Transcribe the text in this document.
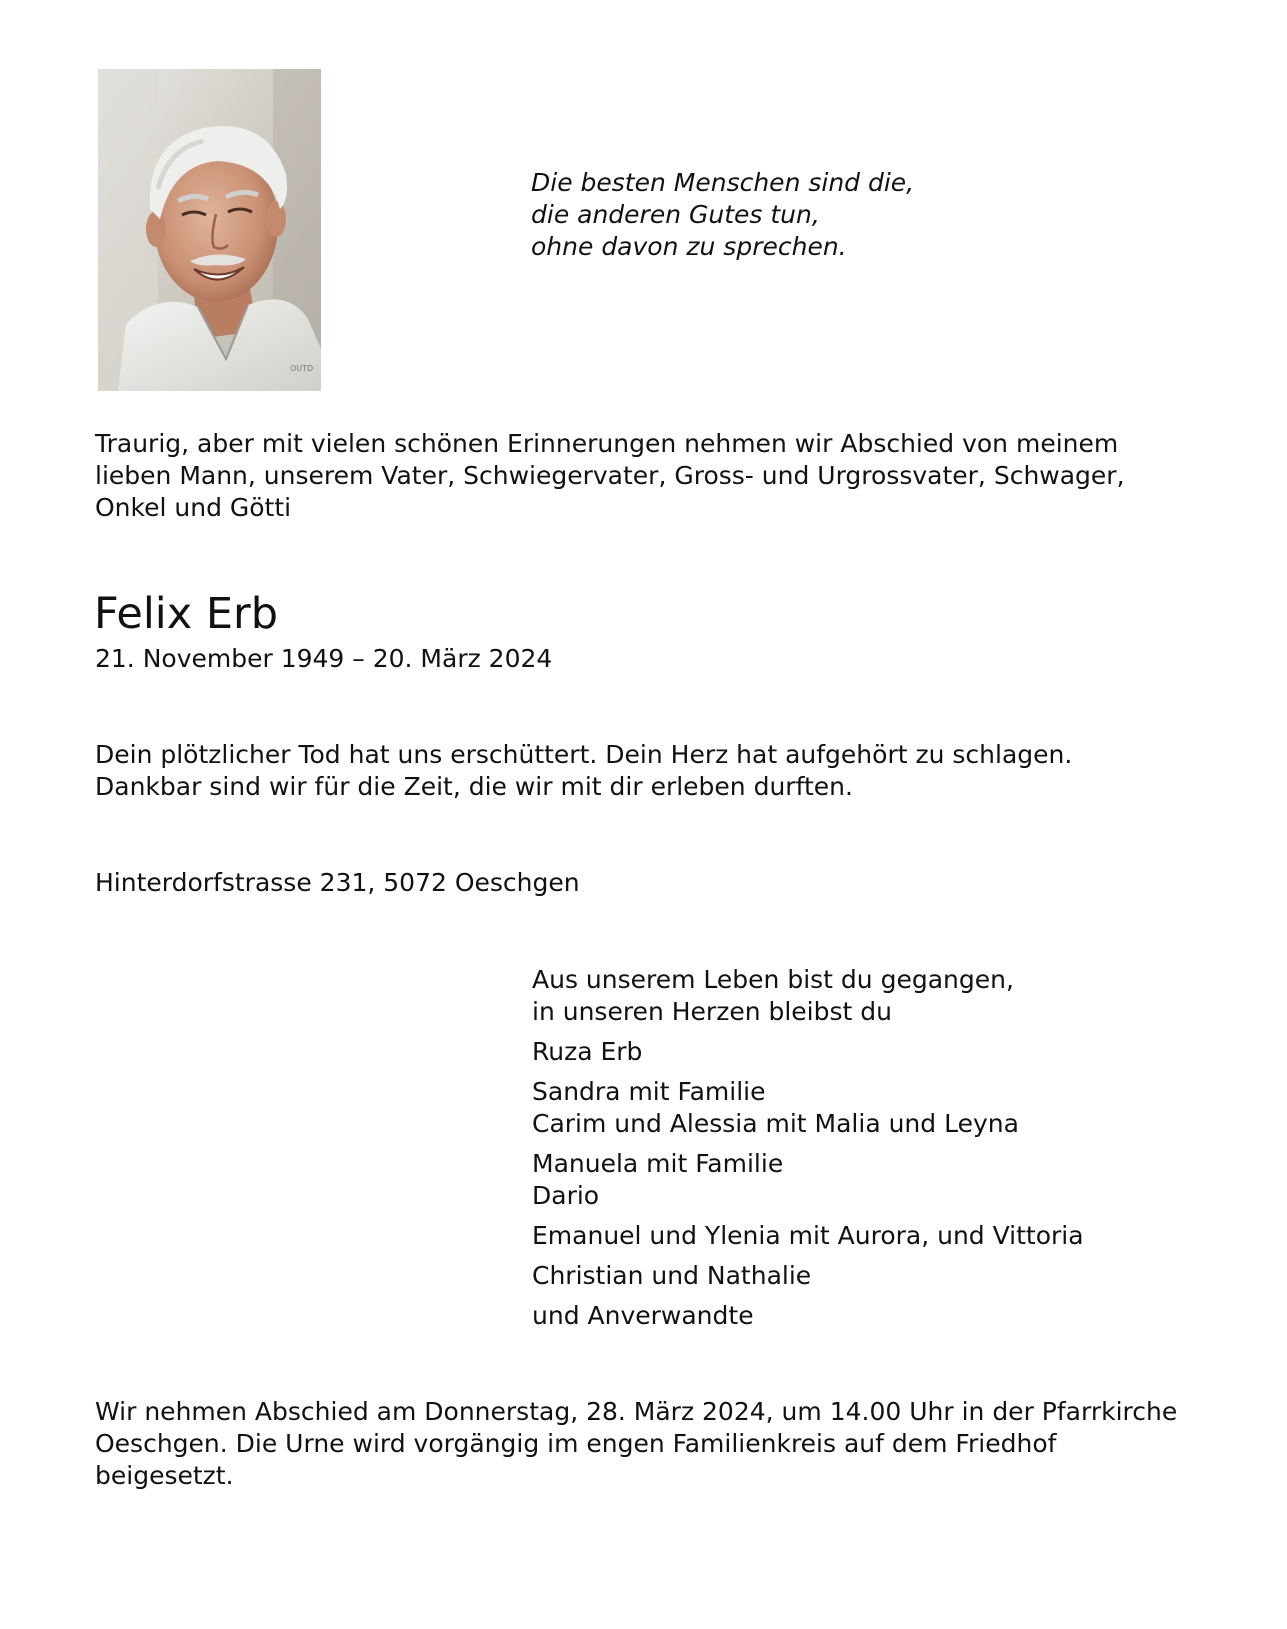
OUTD

Die besten Menschen sind die,

die anderen Gutes tun,

ohne davon zu sprechen.

Traurig, aber mit vielen schönen Erinnerungen nehmen wir Abschied von meinem

lieben Mann, unserem Vater, Schwiegervater, Gross- und Urgrossvater, Schwager,

Onkel und Götti

Felix Erb

21. November 1949 – 20. März 2024

Dein plötzlicher Tod hat uns erschüttert. Dein Herz hat aufgehört zu schlagen.

Dankbar sind wir für die Zeit, die wir mit dir erleben durften.

Hinterdorfstrasse 231, 5072 Oeschgen

Aus unserem Leben bist du gegangen,

in unseren Herzen bleibst du

Ruza Erb

Sandra mit Familie

Carim und Alessia mit Malia und Leyna

Manuela mit Familie

Dario

Emanuel und Ylenia mit Aurora, und Vittoria

Christian und Nathalie

und Anverwandte

Wir nehmen Abschied am Donnerstag, 28. März 2024, um 14.00 Uhr in der Pfarrkirche

Oeschgen. Die Urne wird vorgängig im engen Familienkreis auf dem Friedhof

beigesetzt.
